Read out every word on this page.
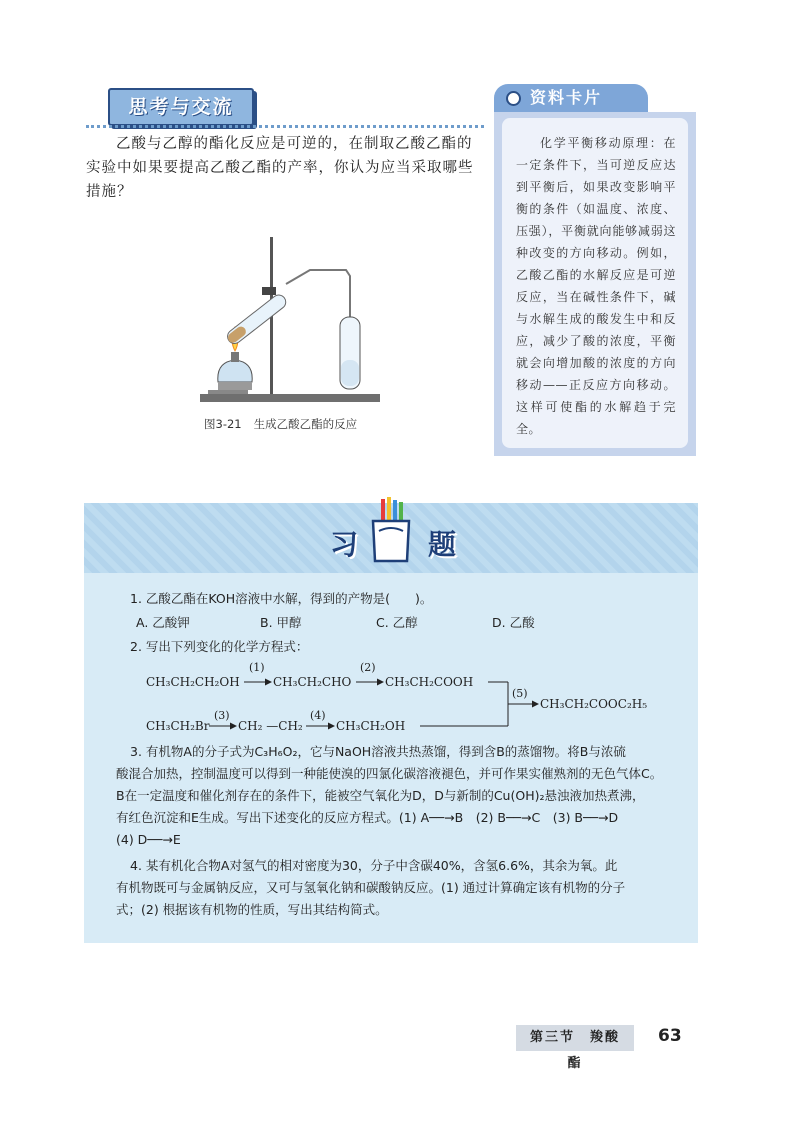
思考与交流
乙酸与乙醇的酯化反应是可逆的，在制取乙酸乙酯的实验中如果要提高乙酸乙酯的产率，你认为应当采取哪些措施？
图3-21 生成乙酸乙酯的反应
资料卡片
化学平衡移动原理：在一定条件下，当可逆反应达到平衡后，如果改变影响平衡的条件（如温度、浓度、压强），平衡就向能够减弱这种改变的方向移动。例如，乙酸乙酯的水解反应是可逆反应，当在碱性条件下，碱与水解生成的酸发生中和反应，减少了酸的浓度，平衡就会向增加酸的浓度的方向移动——正反应方向移动。这样可使酯的水解趋于完全。
习 题
1. 乙酸乙酯在KOH溶液中水解，得到的产物是(　　)。
A. 乙酸钾	B. 甲醇	C. 乙醇	D. 乙酸
2. 写出下列变化的化学方程式：
CH₃CH₂CH₂OH
(1)
CH₃CH₂CHO
(2)
CH₃CH₂COOH
(5)
CH₃CH₂COOC₂H₅
CH₃CH₂Br
(3)
CH₂ —CH₂
(4)
CH₃CH₂OH
3. 有机物A的分子式为C₃H₆O₂，它与NaOH溶液共热蒸馏，得到含B的蒸馏物。将B与浓硫
酸混合加热，控制温度可以得到一种能使溴的四氯化碳溶液褪色，并可作果实催熟剂的无色气体C。
B在一定温度和催化剂存在的条件下，能被空气氧化为D，D与新制的Cu(OH)₂悬浊液加热煮沸，
有红色沉淀和E生成。写出下述变化的反应方程式。(1) A──→B　(2) B──→C　(3) B──→D
(4) D──→E
4. 某有机化合物A对氢气的相对密度为30，分子中含碳40%，含氢6.6%，其余为氧。此
有机物既可与金属钠反应，又可与氢氧化钠和碳酸钠反应。(1) 通过计算确定该有机物的分子
式；(2) 根据该有机物的性质，写出其结构简式。
第三节　羧酸　酯
63
